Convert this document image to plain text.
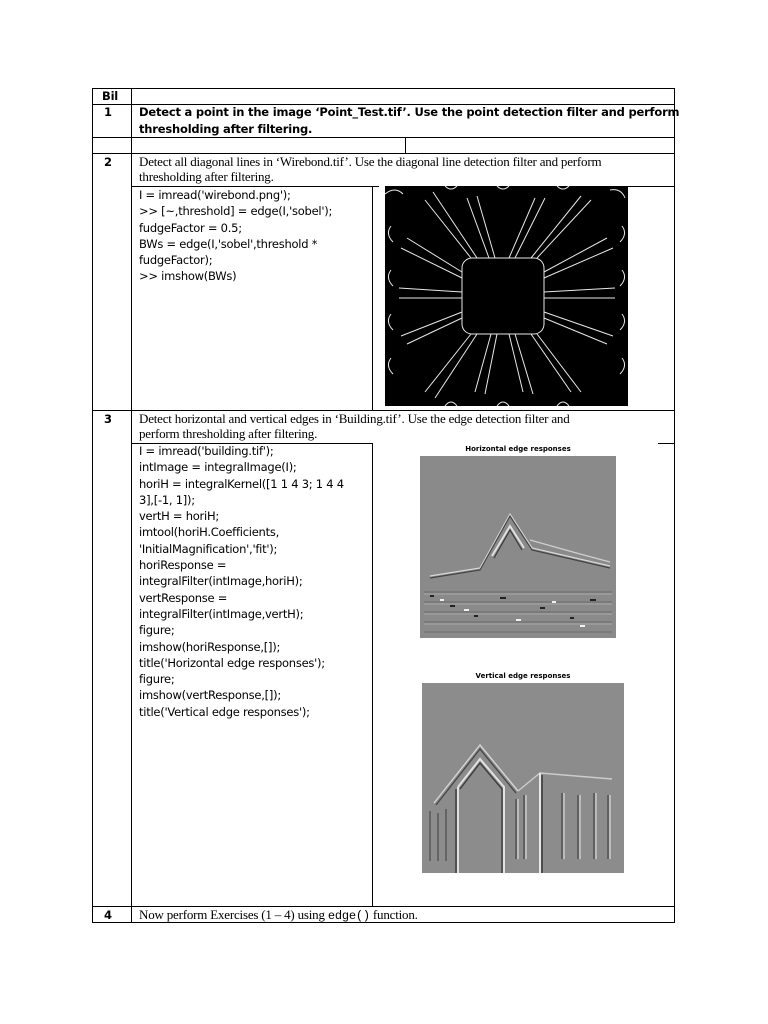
Bil
1 Detect a point in the image ‘Point_Test.tif’. Use the point detection filter and perform
thresholding after filtering.
2 Detect all diagonal lines in ‘Wirebond.tif’. Use the diagonal line detection filter and perform
thresholding after filtering.
I = imread('wirebond.png');
>> [~,threshold] = edge(I,'sobel');
fudgeFactor = 0.5;
BWs = edge(I,'sobel',threshold *
fudgeFactor);
>> imshow(BWs)
3 Detect horizontal and vertical edges in ‘Building.tif’. Use the edge detection filter and
perform thresholding after filtering.
I = imread('building.tif');
intImage = integralImage(I);
horiH = integralKernel([1 1 4 3; 1 4 4
3],[-1, 1]);
vertH = horiH;
imtool(horiH.Coefficients,
'InitialMagnification','fit');
horiResponse =
integralFilter(intImage,horiH);
vertResponse =
integralFilter(intImage,vertH);
figure;
imshow(horiResponse,[]);
title('Horizontal edge responses');
figure;
imshow(vertResponse,[]);
title('Vertical edge responses');
Horizontal edge responses
Vertical edge responses
4 Now perform Exercises (1 – 4) using edge() function.
